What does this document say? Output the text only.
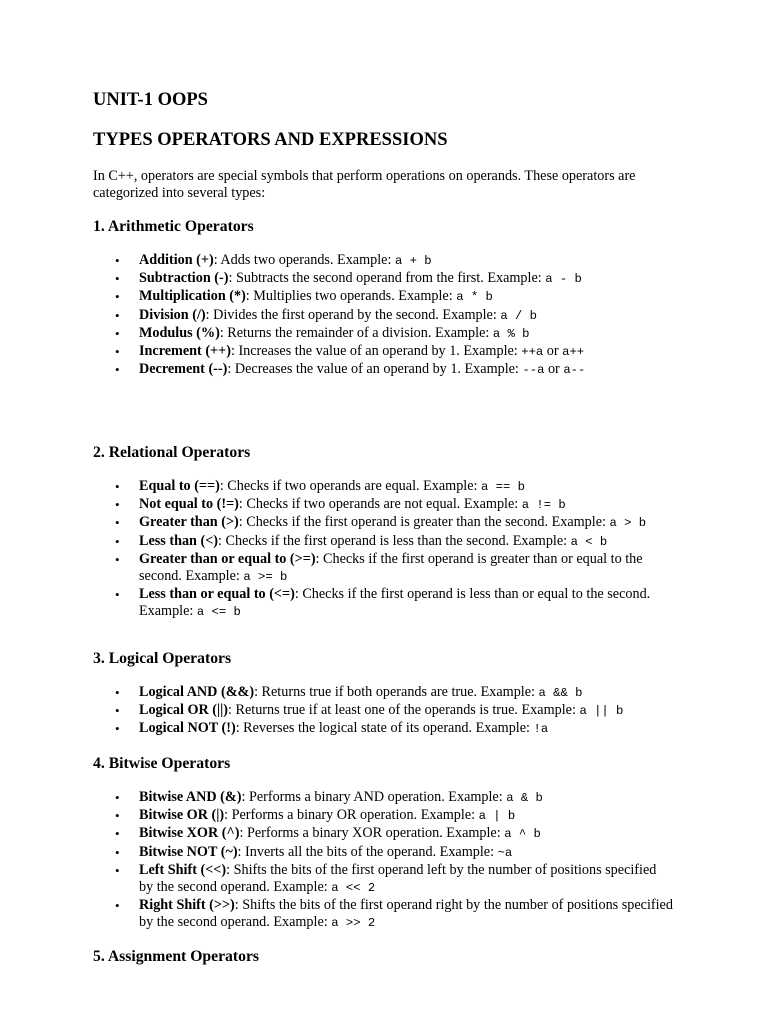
UNIT-1 OOPS
TYPES OPERATORS AND EXPRESSIONS

In C++, operators are special symbols that perform operations on operands. These operators are categorized into several types:

1. Arithmetic Operators
• Addition (+): Adds two operands. Example: a + b
• Subtraction (-): Subtracts the second operand from the first. Example: a - b
• Multiplication (*): Multiplies two operands. Example: a * b
• Division (/): Divides the first operand by the second. Example: a / b
• Modulus (%): Returns the remainder of a division. Example: a % b
• Increment (++): Increases the value of an operand by 1. Example: ++a or a++
• Decrement (--): Decreases the value of an operand by 1. Example: --a or a--
2. Relational Operators
• Equal to (==): Checks if two operands are equal. Example: a == b
• Not equal to (!=): Checks if two operands are not equal. Example: a != b
• Greater than (>): Checks if the first operand is greater than the second. Example: a > b
• Less than (<): Checks if the first operand is less than the second. Example: a < b
• Greater than or equal to (>=): Checks if the first operand is greater than or equal to the second. Example: a >= b
• Less than or equal to (<=): Checks if the first operand is less than or equal to the second. Example: a <= b
3. Logical Operators
• Logical AND (&&): Returns true if both operands are true. Example: a && b
• Logical OR (||): Returns true if at least one of the operands is true. Example: a || b
• Logical NOT (!): Reverses the logical state of its operand. Example: !a
4. Bitwise Operators
• Bitwise AND (&): Performs a binary AND operation. Example: a & b
• Bitwise OR (|): Performs a binary OR operation. Example: a | b
• Bitwise XOR (^): Performs a binary XOR operation. Example: a ^ b
• Bitwise NOT (~): Inverts all the bits of the operand. Example: ~a
• Left Shift (<<): Shifts the bits of the first operand left by the number of positions specified by the second operand. Example: a << 2
• Right Shift (>>): Shifts the bits of the first operand right by the number of positions specified by the second operand. Example: a >> 2
5. Assignment Operators
